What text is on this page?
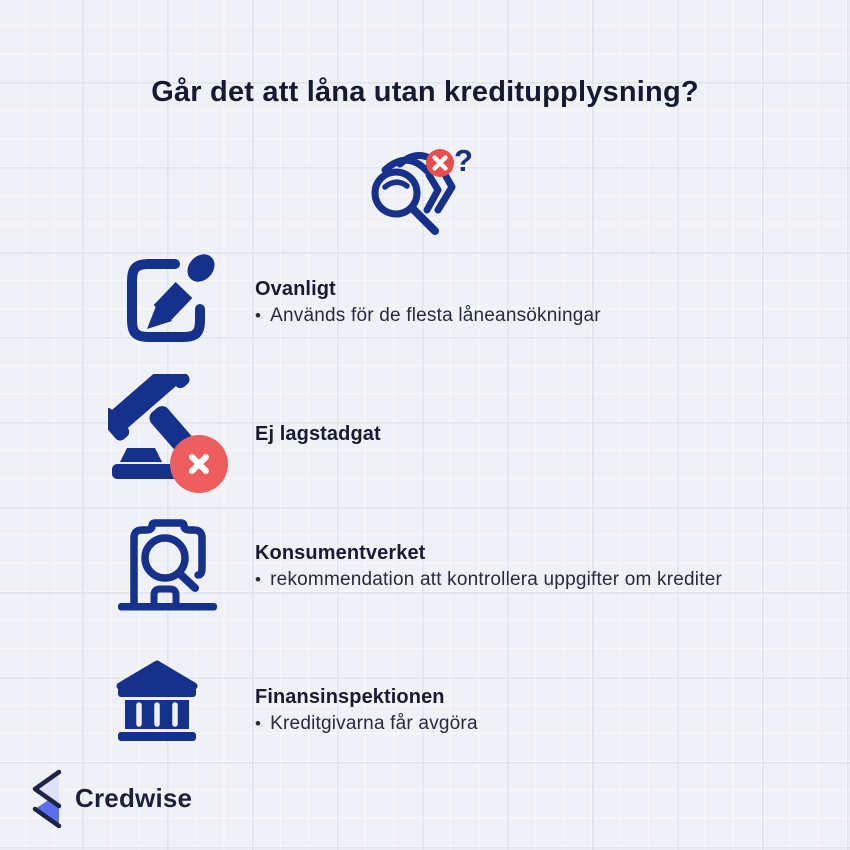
Går det att låna utan kreditupplysning?
?
Ovanligt
• Används för de flesta låneansökningar
Ej lagstadgat
Konsumentverket
• rekommendation att kontrollera uppgifter om krediter
Finansinspektionen
• Kreditgivarna får avgöra
Credwise
